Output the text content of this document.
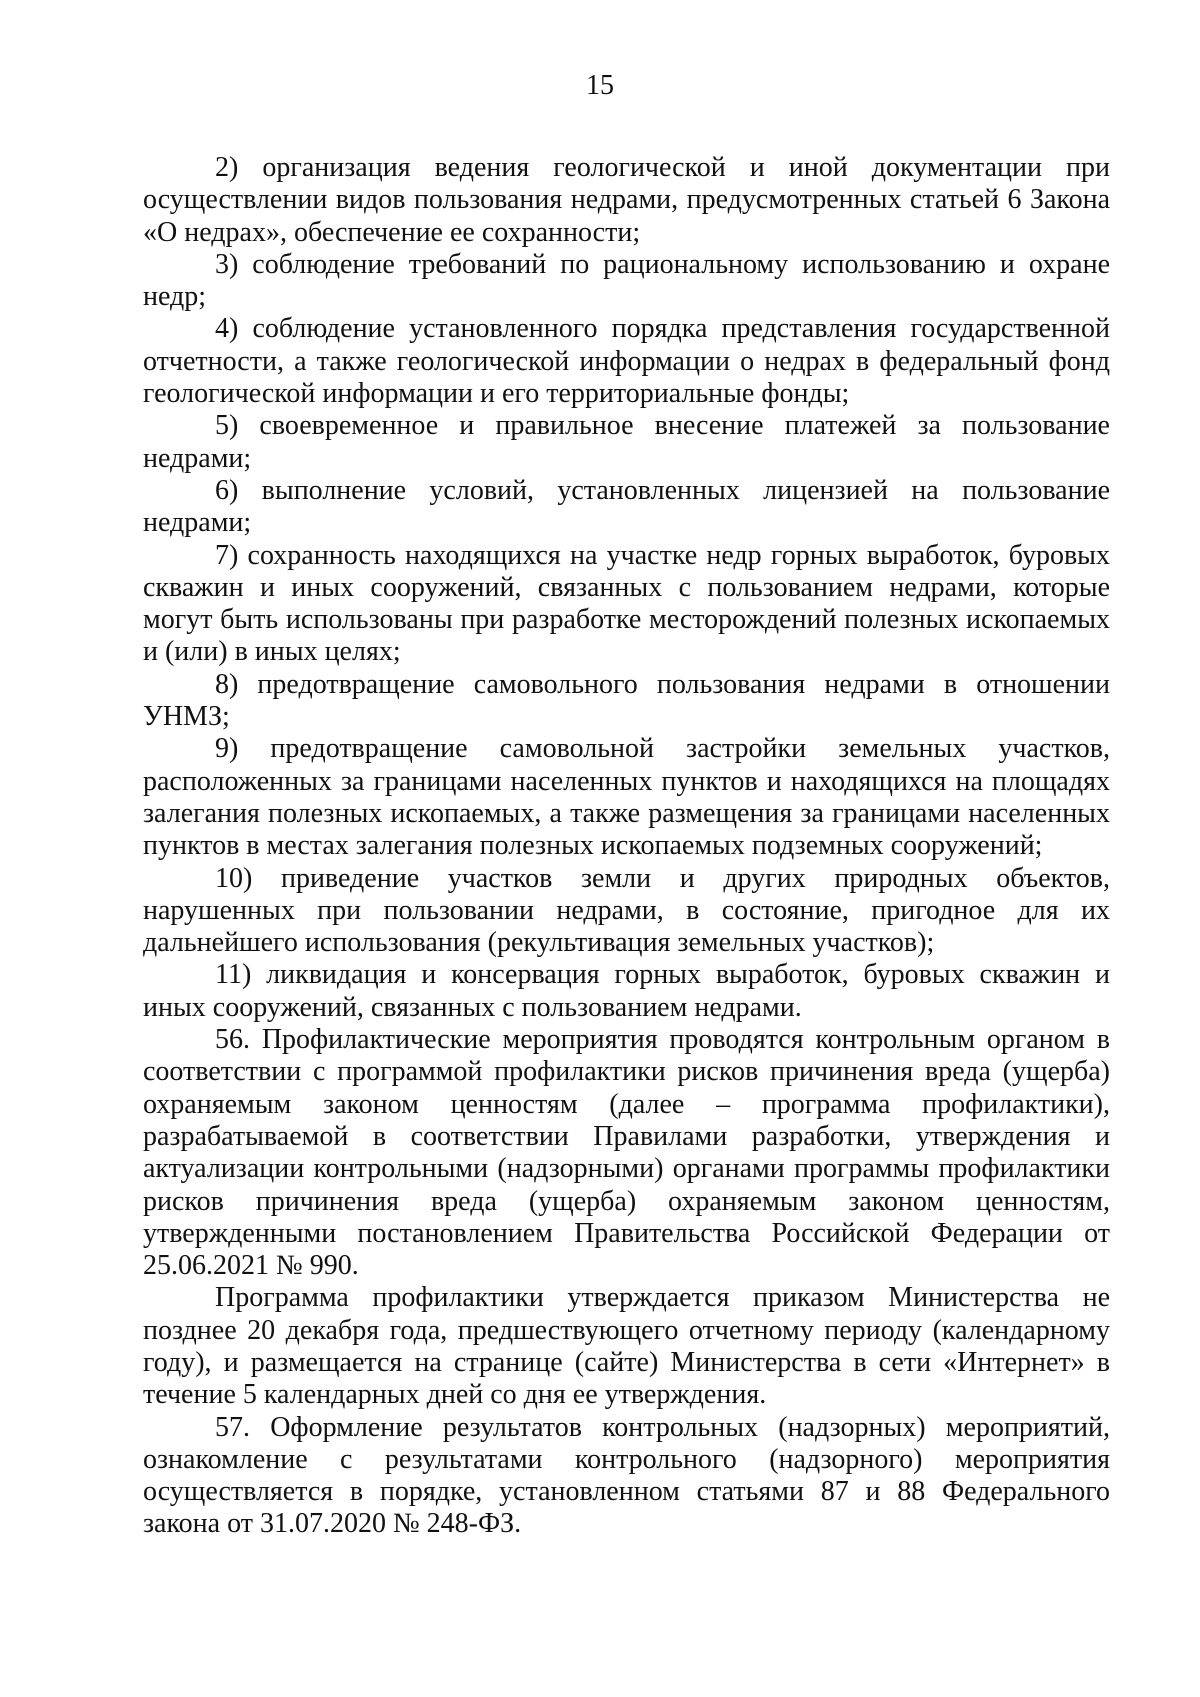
15

2) организация ведения геологической и иной документации при осуществлении видов пользования недрами, предусмотренных статьей 6 Закона «О недрах», обеспечение ее сохранности;

3) соблюдение требований по рациональному использованию и охране недр;

4) соблюдение установленного порядка представления государственной отчетности, а также геологической информации о недрах в федеральный фонд геологической информации и его территориальные фонды;

5) своевременное и правильное внесение платежей за пользование недрами;

6) выполнение условий, установленных лицензией на пользование недрами;

7) сохранность находящихся на участке недр горных выработок, буровых скважин и иных сооружений, связанных с пользованием недрами, которые могут быть использованы при разработке месторождений полезных ископаемых и (или) в иных целях;

8) предотвращение самовольного пользования недрами в отношении УНМЗ;

9) предотвращение самовольной застройки земельных участков, расположенных за границами населенных пунктов и находящихся на площадях залегания полезных ископаемых, а также размещения за границами населенных пунктов в местах залегания полезных ископаемых подземных сооружений;

10) приведение участков земли и других природных объектов, нарушенных при пользовании недрами, в состояние, пригодное для их дальнейшего использования (рекультивация земельных участков);

11) ликвидация и консервация горных выработок, буровых скважин и иных сооружений, связанных с пользованием недрами.

56. Профилактические мероприятия проводятся контрольным органом в соответствии с программой профилактики рисков причинения вреда (ущерба) охраняемым законом ценностям (далее – программа профилактики), разрабатываемой в соответствии Правилами разработки, утверждения и актуализации контрольными (надзорными) органами программы профилактики рисков причинения вреда (ущерба) охраняемым законом ценностям, утвержденными постановлением Правительства Российской Федерации от 25.06.2021 № 990.

Программа профилактики утверждается приказом Министерства не позднее 20 декабря года, предшествующего отчетному периоду (календарному году), и размещается на странице (сайте) Министерства в сети «Интернет» в течение 5 календарных дней со дня ее утверждения.

57. Оформление результатов контрольных (надзорных) мероприятий, ознакомление с результатами контрольного (надзорного) мероприятия осуществляется в порядке, установленном статьями 87 и 88 Федерального закона от 31.07.2020 № 248-ФЗ.
